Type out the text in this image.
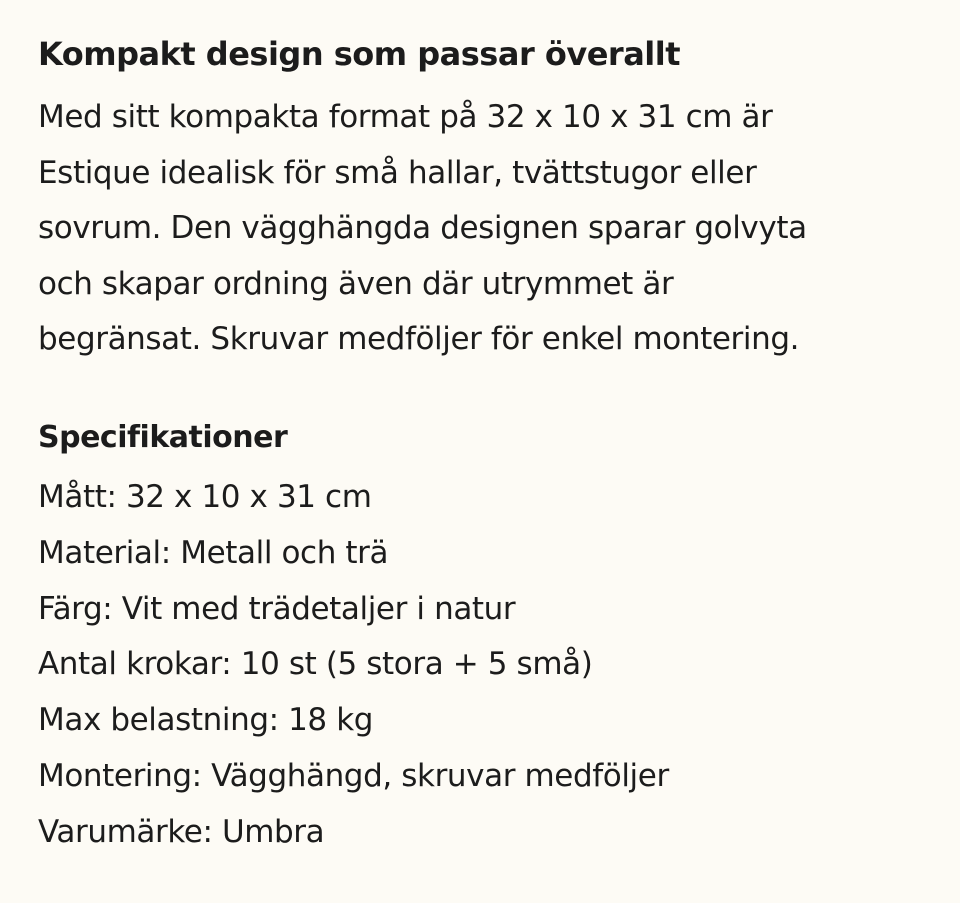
Kompakt design som passar överallt

Med sitt kompakta format på 32 x 10 x 31 cm är
Estique idealisk för små hallar, tvättstugor eller
sovrum. Den vägghängda designen sparar golvyta
och skapar ordning även där utrymmet är
begränsat. Skruvar medföljer för enkel montering.

Specifikationer
Mått: 32 x 10 x 31 cm
Material: Metall och trä
Färg: Vit med trädetaljer i natur
Antal krokar: 10 st (5 stora + 5 små)
Max belastning: 18 kg
Montering: Vägghängd, skruvar medföljer
Varumärke: Umbra
